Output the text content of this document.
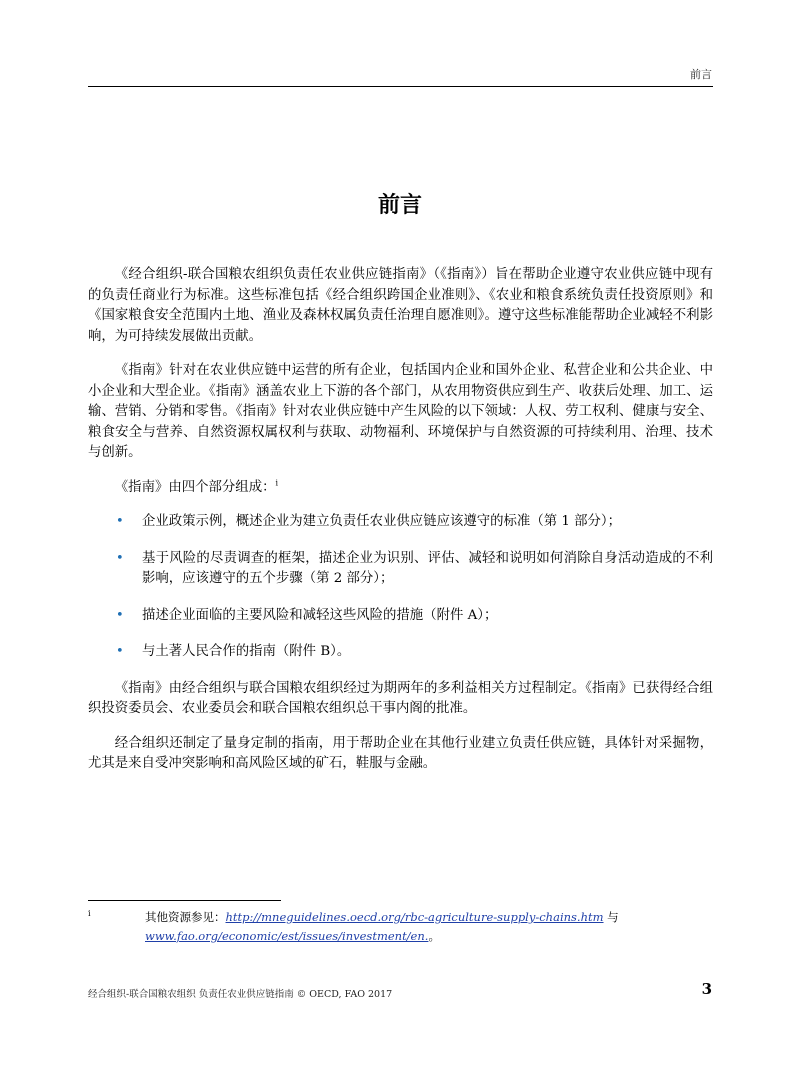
前言
前言

《经合组织-联合国粮农组织负责任农业供应链指南》（《指南》）旨在帮助企业遵守农业供应链中现有的负责任商业行为标准。这些标准包括《经合组织跨国企业准则》、《农业和粮食系统负责任投资原则》和《国家粮食安全范围内土地、渔业及森林权属负责任治理自愿准则》。遵守这些标准能帮助企业减轻不利影响，为可持续发展做出贡献。

《指南》针对在农业供应链中运营的所有企业，包括国内企业和国外企业、私营企业和公共企业、中小企业和大型企业。《指南》涵盖农业上下游的各个部门，从农用物资供应到生产、收获后处理、加工、运输、营销、分销和零售。《指南》针对农业供应链中产生风险的以下领域：人权、劳工权利、健康与安全、粮食安全与营养、自然资源权属权利与获取、动物福利、环境保护与自然资源的可持续利用、治理、技术与创新。

《指南》由四个部分组成：$^i$

• 企业政策示例，概述企业为建立负责任农业供应链应该遵守的标准（第 1 部分）；
• 基于风险的尽责调查的框架，描述企业为识别、评估、减轻和说明如何消除自身活动造成的不利影响，应该遵守的五个步骤（第 2 部分）；
• 描述企业面临的主要风险和减轻这些风险的措施（附件 A）；
• 与土著人民合作的指南（附件 B）。

《指南》由经合组织与联合国粮农组织经过为期两年的多利益相关方过程制定。《指南》已获得经合组织投资委员会、农业委员会和联合国粮农组织总干事内阁的批准。

经合组织还制定了量身定制的指南，用于帮助企业在其他行业建立负责任供应链，具体针对采掘物，尤其是来自受冲突影响和高风险区域的矿石，鞋服与金融。

i	其他资源参见：http://mneguidelines.oecd.org/rbc-agriculture-supply-chains.htm 与
www.fao.org/economic/est/issues/investment/en.。
经合组织-联合国粮农组织 负责任农业供应链指南 © OECD, FAO 2017	3
